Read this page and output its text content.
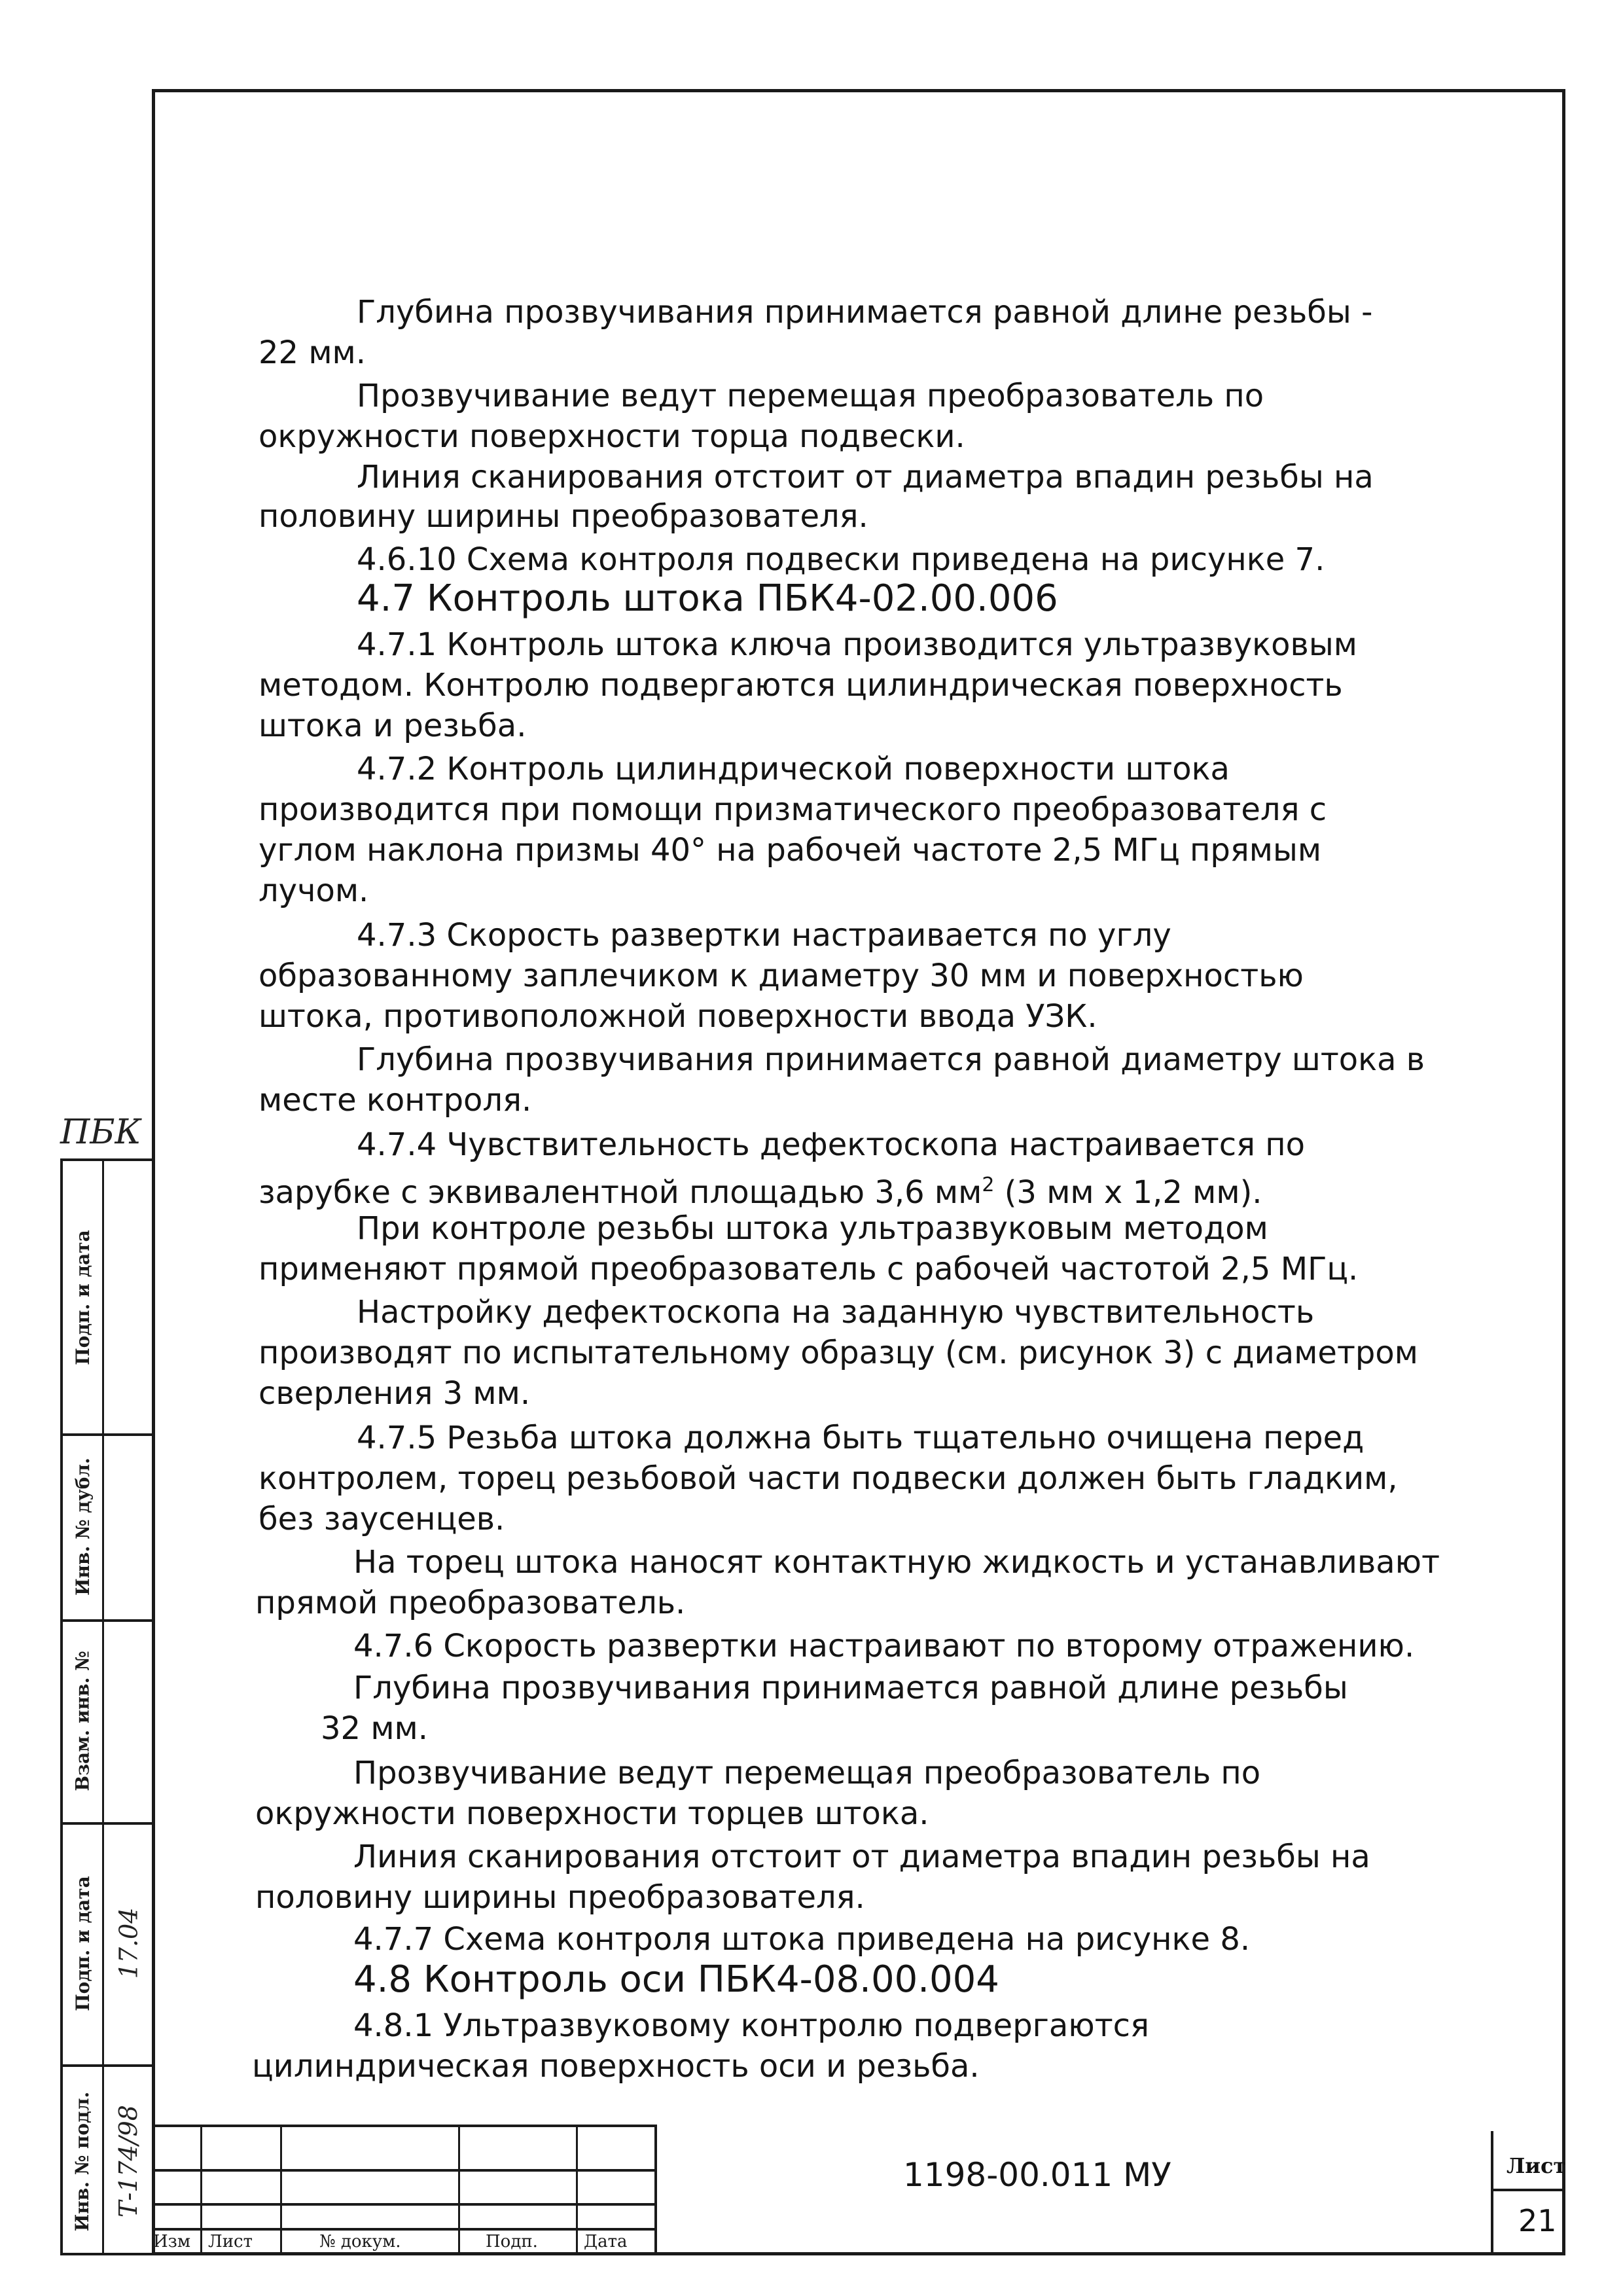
Глубина прозвучивания принимается равной длине резьбы -
22 мм.
Прозвучивание ведут перемещая преобразователь по
окружности поверхности торца подвески.
Линия сканирования отстоит от диаметра впадин резьбы на
половину ширины преобразователя.
4.6.10 Схема контроля подвески приведена на рисунке 7.
4.7 Контроль штока ПБК4-02.00.006
4.7.1 Контроль штока ключа производится ультразвуковым
методом. Контролю подвергаются цилиндрическая поверхность
штока и резьба.
4.7.2 Контроль цилиндрической поверхности штока
производится при помощи призматического преобразователя с
углом наклона призмы 40° на рабочей частоте 2,5 МГц прямым
лучом.
4.7.3 Скорость развертки настраивается по углу
образованному заплечиком к диаметру 30 мм и поверхностью
штока, противоположной поверхности ввода УЗК.
Глубина прозвучивания принимается равной диаметру штока в
месте контроля.
4.7.4 Чувствительность дефектоскопа настраивается по
зарубке с эквивалентной площадью 3,6 $мм^2$ (3 мм х 1,2 мм).
При контроле резьбы штока ультразвуковым методом
применяют прямой преобразователь с рабочей частотой 2,5 МГц.
Настройку дефектоскопа на заданную чувствительность
производят по испытательному образцу (см. рисунок 3) с диаметром
сверления 3 мм.
4.7.5 Резьба штока должна быть тщательно очищена перед
контролем, торец резьбовой части подвески должен быть гладким,
без заусенцев.
На торец штока наносят контактную жидкость и устанавливают
прямой преобразователь.
4.7.6 Скорость развертки настраивают по второму отражению.
Глубина прозвучивания принимается равной длине резьбы
32 мм.
Прозвучивание ведут перемещая преобразователь по
окружности поверхности торцев штока.
Линия сканирования отстоит от диаметра впадин резьбы на
половину ширины преобразователя.
4.7.7 Схема контроля штока приведена на рисунке 8.
4.8 Контроль оси ПБК4-08.00.004
4.8.1 Ультразвуковому контролю подвергаются
цилиндрическая поверхность оси и резьба.
ПБК
Подп. и дата
Инв. № дубл.
Взам. инв. №
Подп. и дата
Инв. № подл.
17.04
Т-174/98
Изм Лист	№ докум.	Подп.	Дата
1198-00.011 МУ	Лист
21
